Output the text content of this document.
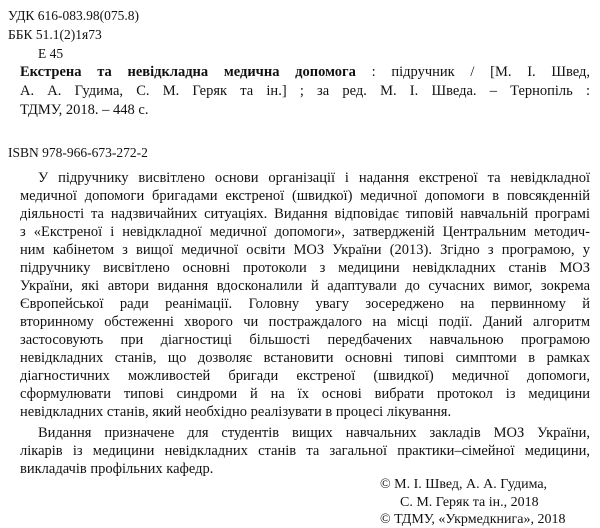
УДК 616-083.98(075.8)
ББК 51.1(2)1я73
Е 45
Екстрена та невідкладна медична допомога : підручник / [М. І. Швед,
А. А. Гудима, С. М. Геряк та ін.] ; за ред. М. І. Шведа. – Тернопіль :
ТДМУ, 2018. – 448 с.
ISBN 978-966-673-272-2
У підручнику висвітлено основи організації і надання екстреної та невідкладної
медичної допомоги бригадами екстреної (швидкої) медичної допомоги в повсякденній
діяльності та надзвичайних ситуаціях. Видання відповідає типовій навчальній програмі
з «Екстреної і невідкладної медичної допомоги», затвердженій Центральним методич-
ним кабінетом з вищої медичної освіти МОЗ України (2013). Згідно з програмою, у
підручнику висвітлено основні протоколи з медицини невідкладних станів МОЗ
України, які автори видання вдосконалили й адаптували до сучасних вимог, зокрема
Європейської ради реанімації. Головну увагу зосереджено на первинному й
вторинному обстеженні хворого чи постраждалого на місці події. Даний алгоритм
застосовують при діагностиці більшості передбачених навчальною програмою
невідкладних станів, що дозволяє встановити основні типові симптоми в рамках
діагностичних можливостей бригади екстреної (швидкої) медичної допомоги,
сформулювати типові синдроми й на їх основі вибрати протокол із медицини
невідкладних станів, який необхідно реалізувати в процесі лікування.
Видання призначене для студентів вищих навчальних закладів МОЗ України,
лікарів із медицини невідкладних станів та загальної практики–сімейної медицини,
викладачів профільних кафедр.
© М. І. Швед, А. А. Гудима,
С. М. Геряк та ін., 2018
© ТДМУ, «Укрмедкнига», 2018
